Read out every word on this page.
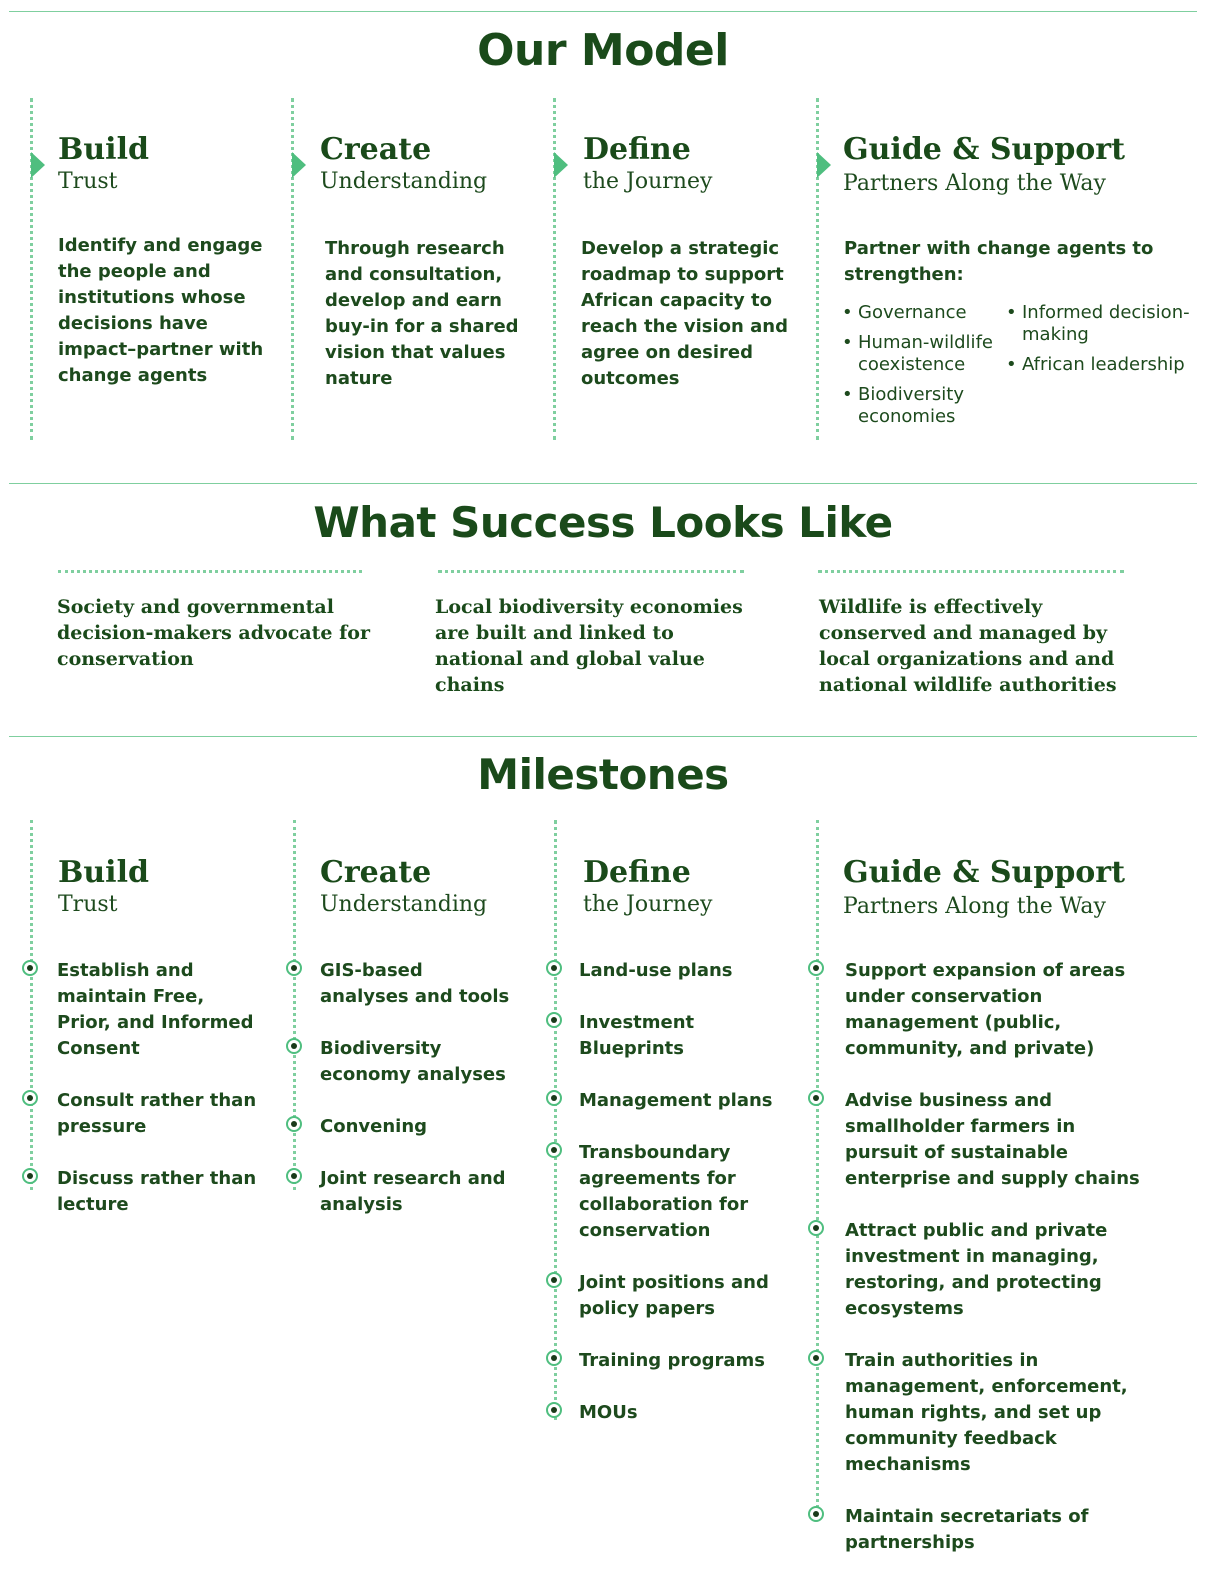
Our Model
Build
Trust
Identify and engage the people and institutions whose decisions have impact–partner with change agents
Create
Understanding
Through research and consultation, develop and earn buy-in for a shared vision that values nature
Define
the Journey
Develop a strategic roadmap to support African capacity to reach the vision and agree on desired outcomes
Guide & Support
Partners Along the Way
Partner with change agents to
strengthen:
• Governance
• Human-wildlife coexistence
• Biodiversity economies
• Informed decision-making
• African leadership
What Success Looks Like
Society and governmental decision-makers advocate for conservation
Local biodiversity economies are built and linked to national and global value chains
Wildlife is effectively conserved and managed by local organizations and and national wildlife authorities
Milestones
Build
Trust
Establish and maintain Free, Prior, and Informed Consent
Consult rather than pressure
Discuss rather than lecture
Create
Understanding
GIS-based analyses and tools
Biodiversity economy analyses
Convening
Joint research and analysis
Define
the Journey
Land-use plans
Investment Blueprints
Management plans
Transboundary agreements for collaboration for conservation
Joint positions and policy papers
Training programs
MOUs
Guide & Support
Partners Along the Way
Support expansion of areas under conservation management (public, community, and private)
Advise business and smallholder farmers in pursuit of sustainable enterprise and supply chains
Attract public and private investment in managing, restoring, and protecting ecosystems
Train authorities in management, enforcement, human rights, and set up community feedback mechanisms
Maintain secretariats of partnerships
